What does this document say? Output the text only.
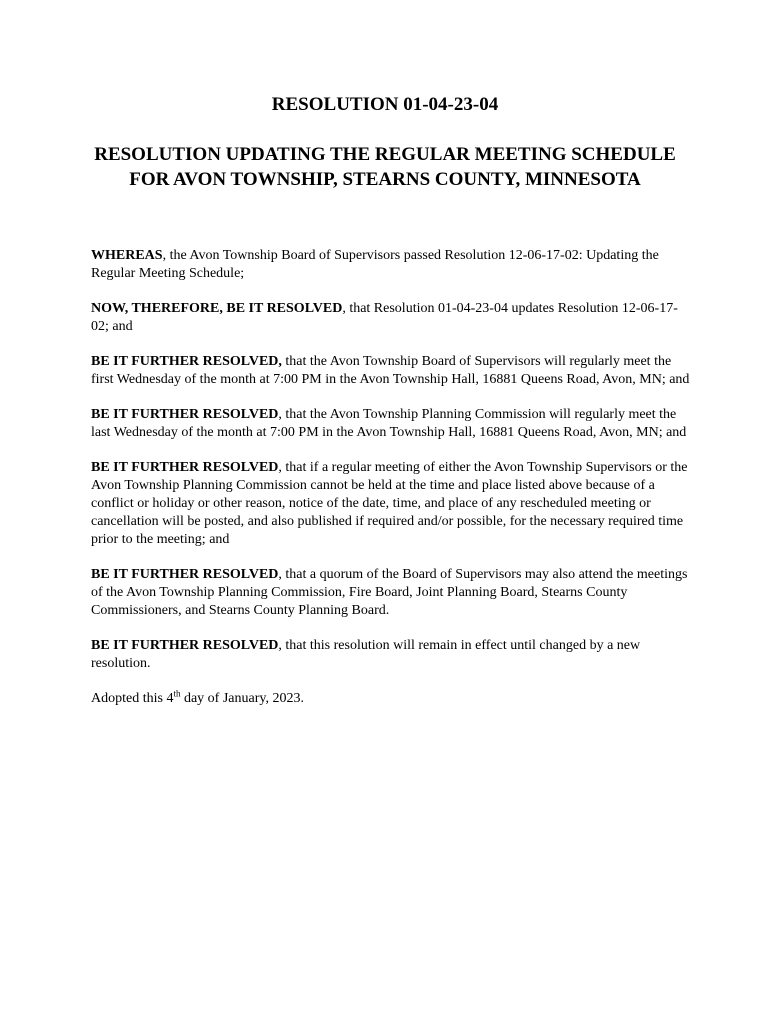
RESOLUTION 01-04-23-04
RESOLUTION UPDATING THE REGULAR MEETING SCHEDULE FOR AVON TOWNSHIP, STEARNS COUNTY, MINNESOTA

WHEREAS, the Avon Township Board of Supervisors passed Resolution 12-06-17-02: Updating the Regular Meeting Schedule;

NOW, THEREFORE, BE IT RESOLVED, that Resolution 01-04-23-04 updates Resolution 12-06-17-02; and

BE IT FURTHER RESOLVED, that the Avon Township Board of Supervisors will regularly meet the first Wednesday of the month at 7:00 PM in the Avon Township Hall, 16881 Queens Road, Avon, MN; and

BE IT FURTHER RESOLVED, that the Avon Township Planning Commission will regularly meet the last Wednesday of the month at 7:00 PM in the Avon Township Hall, 16881 Queens Road, Avon, MN; and

BE IT FURTHER RESOLVED, that if a regular meeting of either the Avon Township Supervisors or the Avon Township Planning Commission cannot be held at the time and place listed above because of a conflict or holiday or other reason, notice of the date, time, and place of any rescheduled meeting or cancellation will be posted, and also published if required and/or possible, for the necessary required time prior to the meeting; and

BE IT FURTHER RESOLVED, that a quorum of the Board of Supervisors may also attend the meetings of the Avon Township Planning Commission, Fire Board, Joint Planning Board, Stearns County Commissioners, and Stearns County Planning Board.

BE IT FURTHER RESOLVED, that this resolution will remain in effect until changed by a new resolution.

Adopted this 4th day of January, 2023.
